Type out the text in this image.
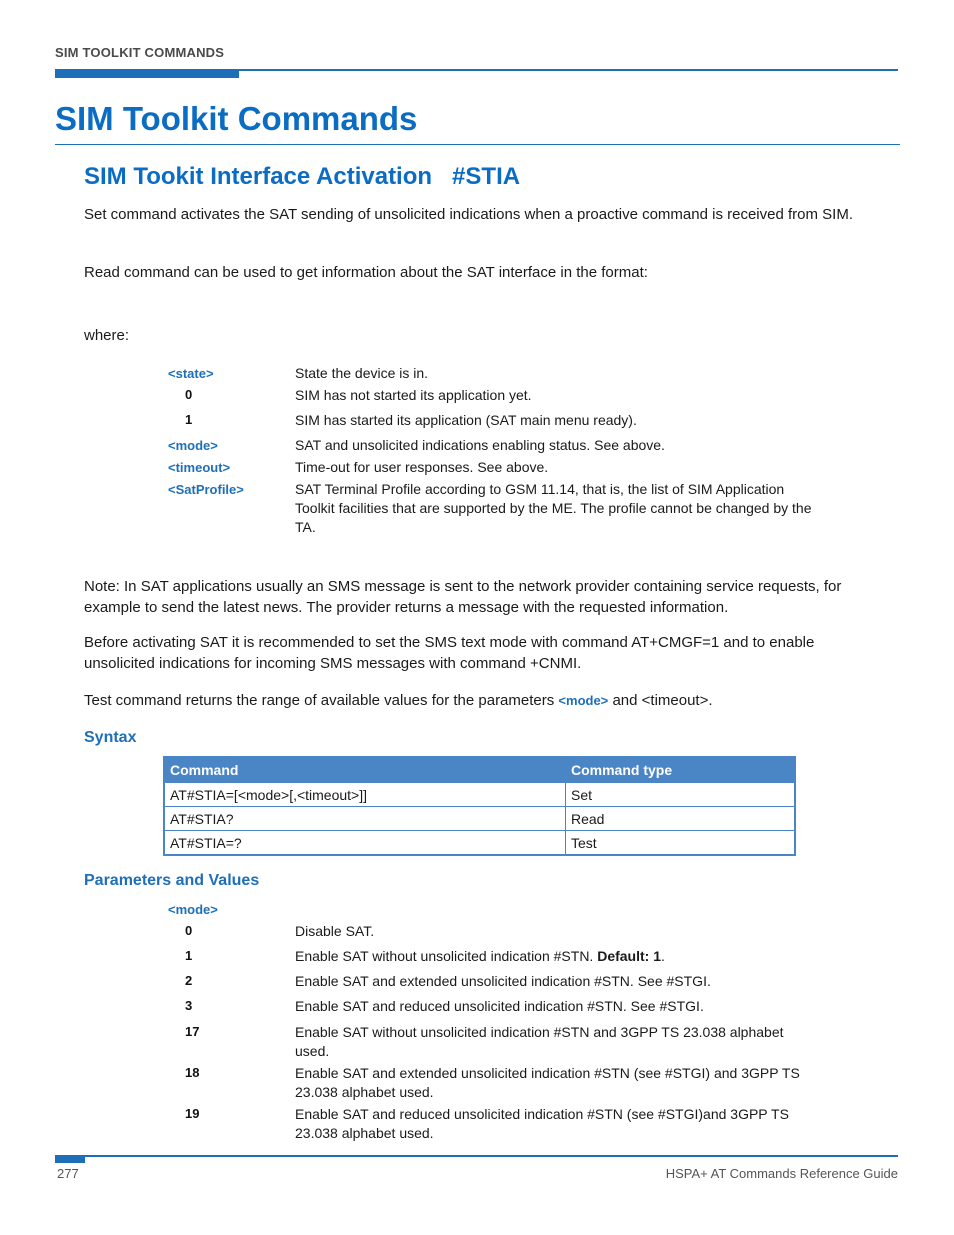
SIM TOOLKIT COMMANDS
SIM Toolkit Commands
SIM Tookit Interface Activation   #STIA
Set command activates the SAT sending of unsolicited indications when a proactive command is received from SIM.
Read command can be used to get information about the SAT interface in the format:
where:
<state>	State the device is in.
0	SIM has not started its application yet.
1	SIM has started its application (SAT main menu ready).
<mode>	SAT and unsolicited indications enabling status. See above.
<timeout>	Time-out for user responses. See above.
<SatProfile>	SAT Terminal Profile according to GSM 11.14, that is, the list of SIM Application Toolkit facilities that are supported by the ME. The profile cannot be changed by the TA.
Note: In SAT applications usually an SMS message is sent to the network provider containing service requests, for example to send the latest news. The provider returns a message with the requested information.
Before activating SAT it is recommended to set the SMS text mode with command AT+CMGF=1 and to enable unsolicited indications for incoming SMS messages with command +CNMI.
Test command returns the range of available values for the parameters <mode> and <timeout>.
Syntax
Command	Command type
AT#STIA=[<mode>[,<timeout>]]	Set
AT#STIA?	Read
AT#STIA=?	Test
Parameters and Values
<mode>
0	Disable SAT.
1	Enable SAT without unsolicited indication #STN. Default: 1.
2	Enable SAT and extended unsolicited indication #STN. See #STGI.
3	Enable SAT and reduced unsolicited indication #STN. See #STGI.
17	Enable SAT without unsolicited indication #STN and 3GPP TS 23.038 alphabet used.
18	Enable SAT and extended unsolicited indication #STN (see #STGI) and 3GPP TS 23.038 alphabet used.
19	Enable SAT and reduced unsolicited indication #STN (see #STGI)and 3GPP TS 23.038 alphabet used.
277	HSPA+ AT Commands Reference Guide
